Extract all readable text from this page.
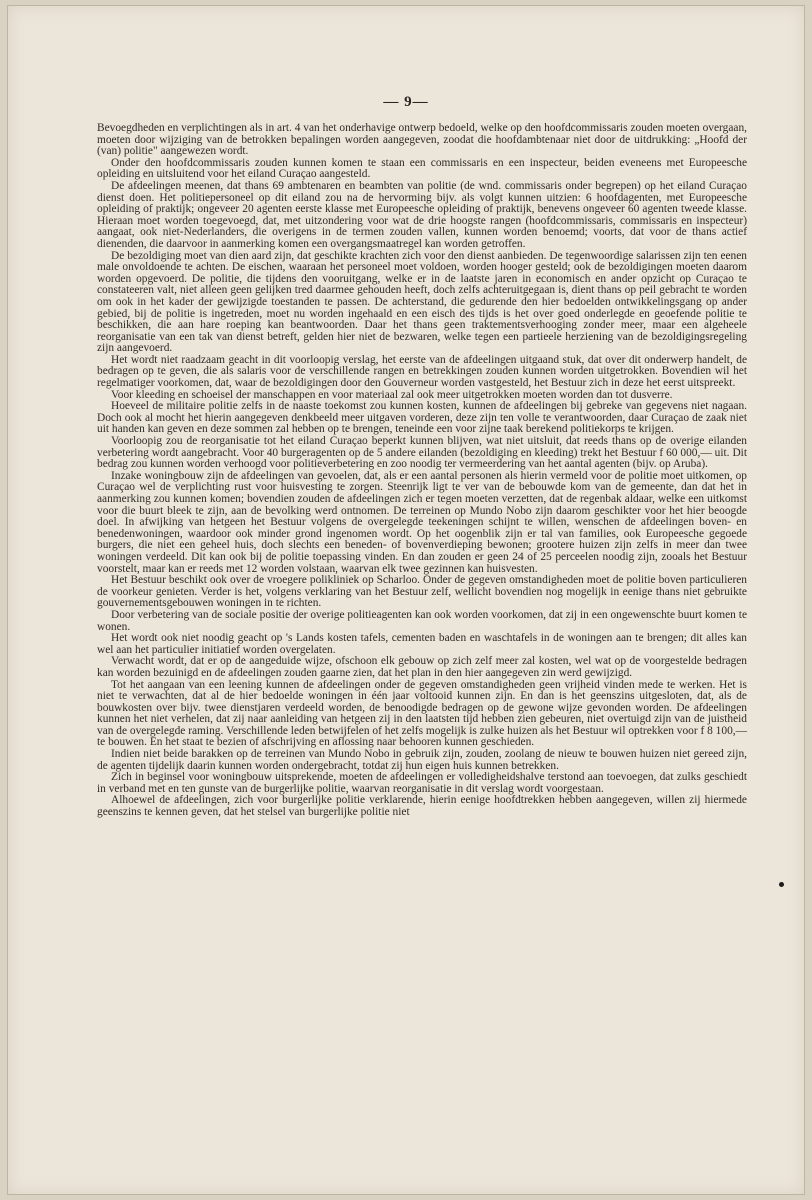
— 9—

Bevoegdheden en verplichtingen als in art. 4 van het onderhavige ontwerp bedoeld, welke op den hoofdcommissaris zouden moeten overgaan, moeten door wijziging van de betrokken bepalingen worden aangegeven, zoodat die hoofdambtenaar niet door de uitdrukking: „Hoofd der (van) politie" aangewezen wordt.

Onder den hoofdcommissaris zouden kunnen komen te staan een commissaris en een inspecteur, beiden eveneens met Europeesche opleiding en uitsluitend voor het eiland Curaçao aangesteld.

De afdeelingen meenen, dat thans 69 ambtenaren en beambten van politie (de wnd. commissaris onder begrepen) op het eiland Curaçao dienst doen. Het politiepersoneel op dit eiland zou na de hervorming bijv. als volgt kunnen uitzien: 6 hoofdagenten, met Europeesche opleiding of praktijk; ongeveer 20 agenten eerste klasse met Europeesche opleiding of praktijk, benevens ongeveer 60 agenten tweede klasse. Hieraan moet worden toegevoegd, dat, met uitzondering voor wat de drie hoogste rangen (hoofdcommissaris, commissaris en inspecteur) aangaat, ook niet-Nederlanders, die overigens in de termen zouden vallen, kunnen worden benoemd; voorts, dat voor de thans actief dienenden, die daarvoor in aanmerking komen een overgangsmaatregel kan worden getroffen.

De bezoldiging moet van dien aard zijn, dat geschikte krachten zich voor den dienst aanbieden. De tegenwoordige salarissen zijn ten eenen male onvoldoende te achten. De eischen, waaraan het personeel moet voldoen, worden hooger gesteld; ook de bezoldigingen moeten daarom worden opgevoerd. De politie, die tijdens den vooruitgang, welke er in de laatste jaren in economisch en ander opzicht op Curaçao te constateeren valt, niet alleen geen gelijken tred daarmee gehouden heeft, doch zelfs achteruitgegaan is, dient thans op peil gebracht te worden om ook in het kader der gewijzigde toestanden te passen. De achterstand, die gedurende den hier bedoelden ontwikkelingsgang op ander gebied, bij de politie is ingetreden, moet nu worden ingehaald en een eisch des tijds is het over goed onderlegde en geoefende politie te beschikken, die aan hare roeping kan beantwoorden. Daar het thans geen traktementsverhooging zonder meer, maar een algeheele reorganisatie van een tak van dienst betreft, gelden hier niet de bezwaren, welke tegen een partieele herziening van de bezoldigingsregeling zijn aangevoerd.

Het wordt niet raadzaam geacht in dit voorloopig verslag, het eerste van de afdeelingen uitgaand stuk, dat over dit onderwerp handelt, de bedragen op te geven, die als salaris voor de verschillende rangen en betrekkingen zouden kunnen worden uitgetrokken. Bovendien wil het regelmatiger voorkomen, dat, waar de bezoldigingen door den Gouverneur worden vastgesteld, het Bestuur zich in deze het eerst uitspreekt.

Voor kleeding en schoeisel der manschappen en voor materiaal zal ook meer uitgetrokken moeten worden dan tot dusverre.

Hoeveel de militaire politie zelfs in de naaste toekomst zou kunnen kosten, kunnen de afdeelingen bij gebreke van gegevens niet nagaan. Doch ook al mocht het hierin aangegeven denkbeeld meer uitgaven vorderen, deze zijn ten volle te verantwoorden, daar Curaçao de zaak niet uit handen kan geven en deze sommen zal hebben op te brengen, teneinde een voor zijne taak berekend politiekorps te krijgen.

Voorloopig zou de reorganisatie tot het eiland Curaçao beperkt kunnen blijven, wat niet uitsluit, dat reeds thans op de overige eilanden verbetering wordt aangebracht. Voor 40 burgeragenten op de 5 andere eilanden (bezoldiging en kleeding) trekt het Bestuur f 60 000,— uit. Dit bedrag zou kunnen worden verhoogd voor politieverbetering en zoo noodig ter vermeerdering van het aantal agenten (bijv. op Aruba).

Inzake woningbouw zijn de afdeelingen van gevoelen, dat, als er een aantal personen als hierin vermeld voor de politie moet uitkomen, op Curaçao wel de verplichting rust voor huisvesting te zorgen. Steenrijk ligt te ver van de bebouwde kom van de gemeente, dan dat het in aanmerking zou kunnen komen; bovendien zouden de afdeelingen zich er tegen moeten verzetten, dat de regenbak aldaar, welke een uitkomst voor die buurt bleek te zijn, aan de bevolking werd ontnomen. De terreinen op Mundo Nobo zijn daarom geschikter voor het hier beoogde doel. In afwijking van hetgeen het Bestuur volgens de overgelegde teekeningen schijnt te willen, wenschen de afdeelingen boven- en benedenwoningen, waardoor ook minder grond ingenomen wordt. Op het oogenblik zijn er tal van families, ook Europeesche gegoede burgers, die niet een geheel huis, doch slechts een beneden- of bovenverdieping bewonen; grootere huizen zijn zelfs in meer dan twee woningen verdeeld. Dit kan ook bij de politie toepassing vinden. En dan zouden er geen 24 of 25 perceelen noodig zijn, zooals het Bestuur voorstelt, maar kan er reeds met 12 worden volstaan, waarvan elk twee gezinnen kan huisvesten.

Het Bestuur beschikt ook over de vroegere polikliniek op Scharloo. Onder de gegeven omstandigheden moet de politie boven particulieren de voorkeur genieten. Verder is het, volgens verklaring van het Bestuur zelf, wellicht bovendien nog mogelijk in eenige thans niet gebruikte gouvernementsgebouwen woningen in te richten.

Door verbetering van de sociale positie der overige politieagenten kan ook worden voorkomen, dat zij in een ongewenschte buurt komen te wonen.

Het wordt ook niet noodig geacht op 's Lands kosten tafels, cementen baden en waschtafels in de woningen aan te brengen; dit alles kan wel aan het particulier initiatief worden overgelaten.

Verwacht wordt, dat er op de aangeduide wijze, ofschoon elk gebouw op zich zelf meer zal kosten, wel wat op de voorgestelde bedragen kan worden bezuinigd en de afdeelingen zouden gaarne zien, dat het plan in den hier aangegeven zin werd gewijzigd.

Tot het aangaan van een leening kunnen de afdeelingen onder de gegeven omstandigheden geen vrijheid vinden mede te werken. Het is niet te verwachten, dat al de hier bedoelde woningen in één jaar voltooid kunnen zijn. En dan is het geenszins uitgesloten, dat, als de bouwkosten over bijv. twee dienstjaren verdeeld worden, de benoodigde bedragen op de gewone wijze gevonden worden. De afdeelingen kunnen het niet verhelen, dat zij naar aanleiding van hetgeen zij in den laatsten tijd hebben zien gebeuren, niet overtuigd zijn van de juistheid van de overgelegde raming. Verschillende leden betwijfelen of het zelfs mogelijk is zulke huizen als het Bestuur wil optrekken voor f 8 100,— te bouwen. En het staat te bezien of afschrijving en aflossing naar behooren kunnen geschieden.

Indien niet beide barakken op de terreinen van Mundo Nobo in gebruik zijn, zouden, zoolang de nieuw te bouwen huizen niet gereed zijn, de agenten tijdelijk daarin kunnen worden ondergebracht, totdat zij hun eigen huis kunnen betrekken.

Zich in beginsel voor woningbouw uitsprekende, moeten de afdeelingen er volledigheidshalve terstond aan toevoegen, dat zulks geschiedt in verband met en ten gunste van de burgerlijke politie, waarvan reorganisatie in dit verslag wordt voorgestaan.

Alhoewel de afdeelingen, zich voor burgerlijke politie verklarende, hierin eenige hoofdtrekken hebben aangegeven, willen zij hiermede geenszins te kennen geven, dat het stelsel van burgerlijke politie niet
